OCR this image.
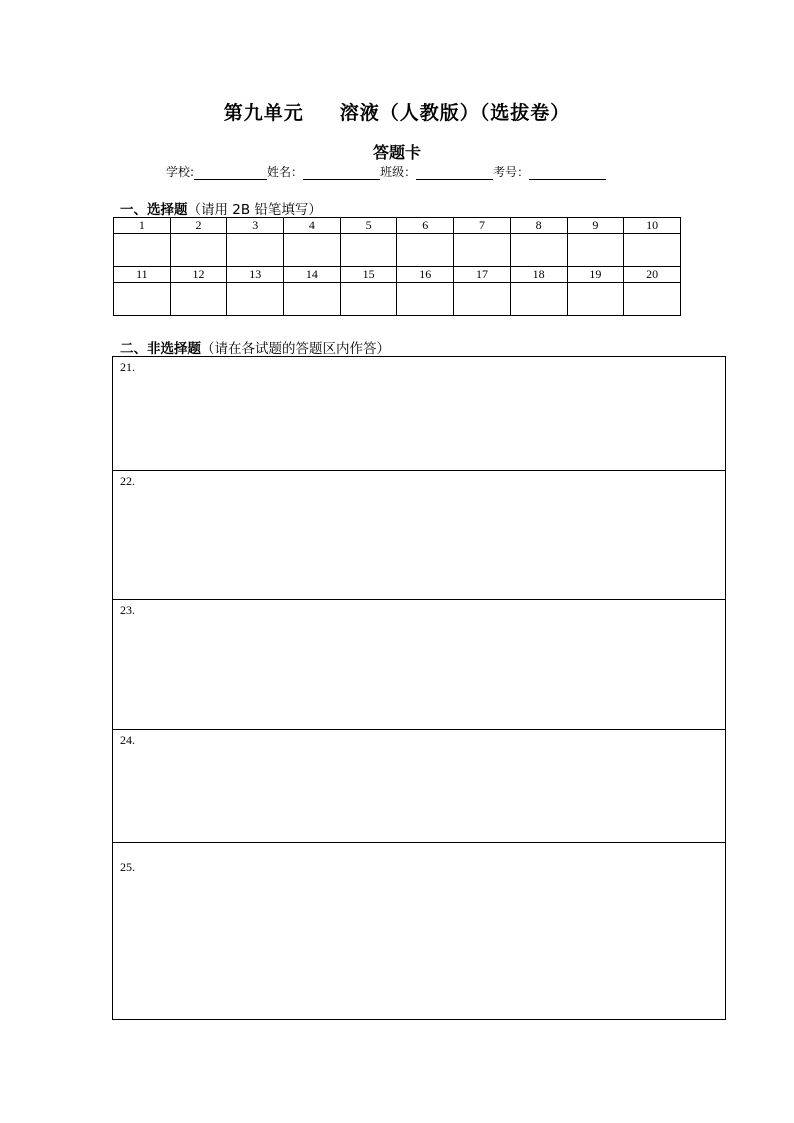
第九单元 溶液（人教版）（选拔卷）
答题卡
学校:	姓名：	班级：	考号：
一、选择题（请用 2B 铅笔填写）
1	2	3	4	5	6	7	8	9	10

11	12	13	14	15	16	17	18	19	20

二、非选择题（请在各试题的答题区内作答）
21.
22.
23.
24.
25.
